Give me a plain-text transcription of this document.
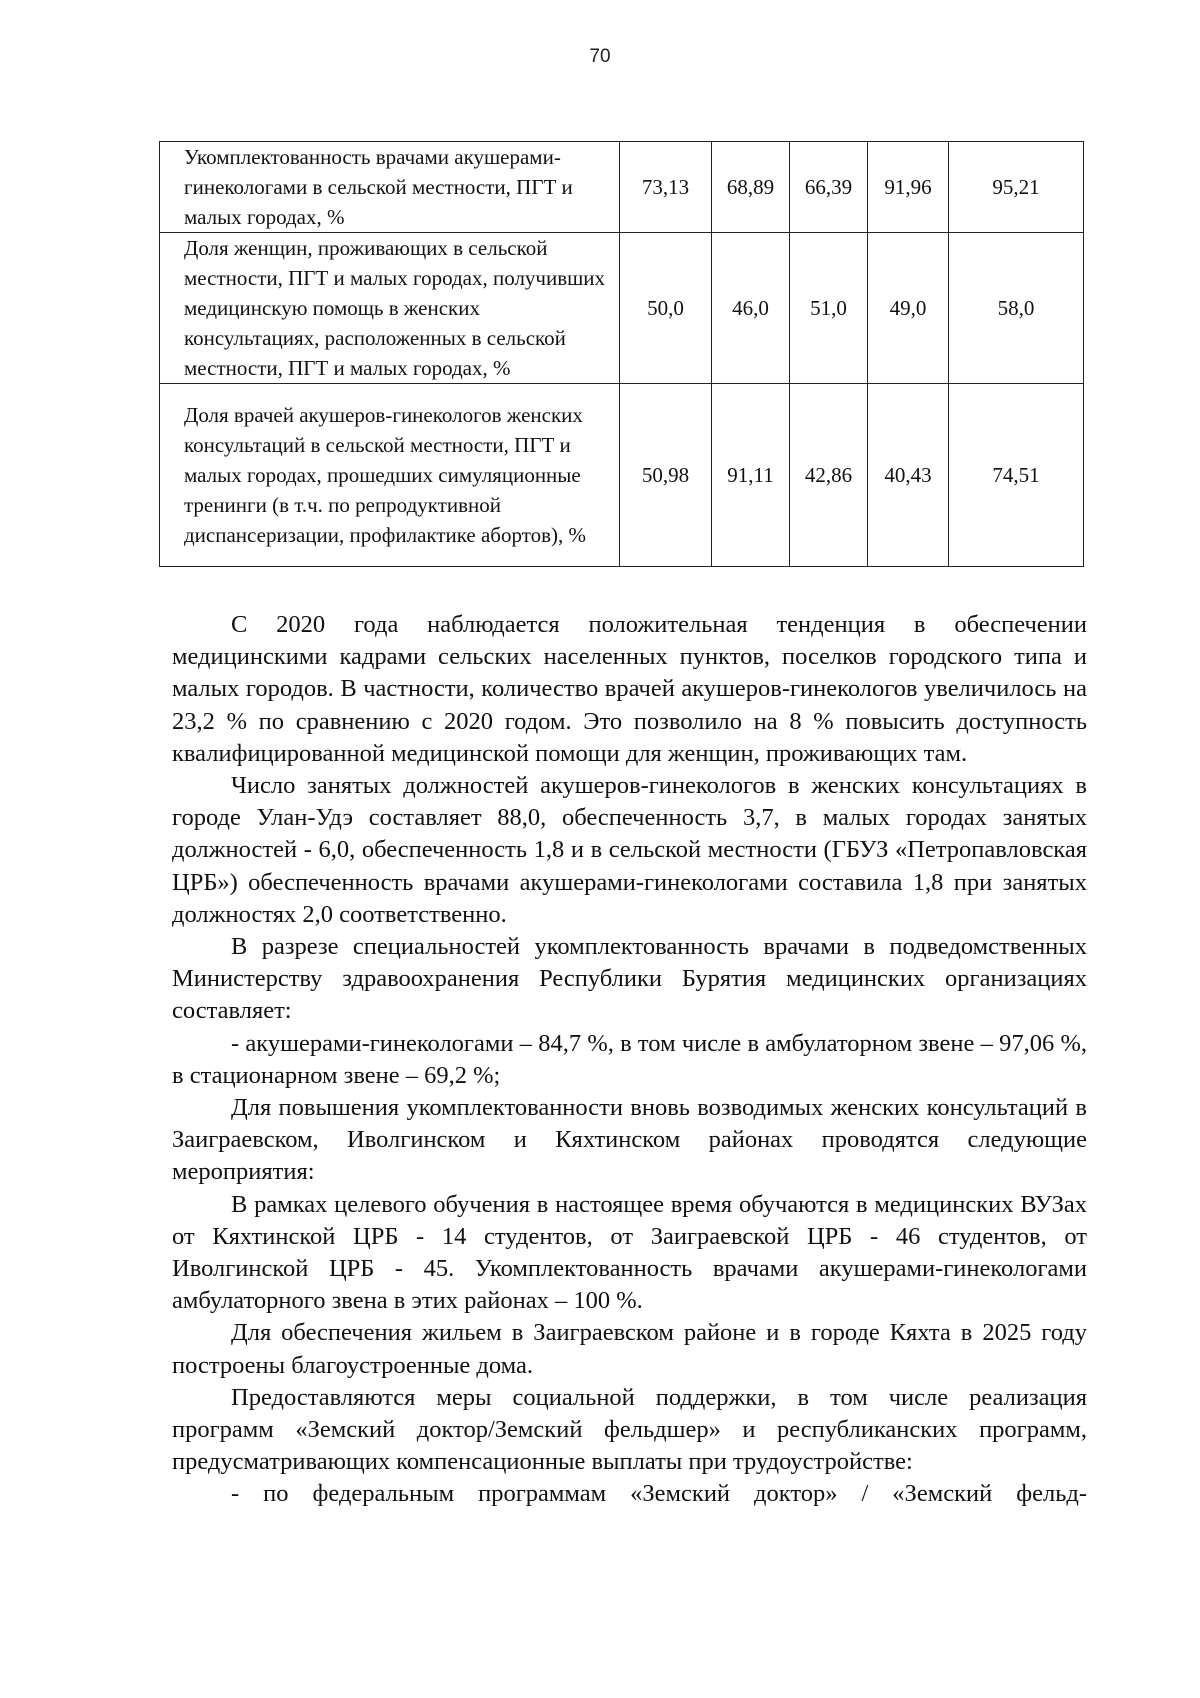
70
Укомплектованность врачами акушерами-гинекологами в сельской местности, ПГТ и малых городах, %	73,13	68,89	66,39	91,96	95,21
Доля женщин, проживающих в сельской местности, ПГТ и малых городах, получивших медицинскую помощь в женских консультациях, расположенных в сельской местности, ПГТ и малых городах, %	50,0	46,0	51,0	49,0	58,0
Доля врачей акушеров-гинекологов женских консультаций в сельской местности, ПГТ и малых городах, прошедших симуляционные тренинги (в т.ч. по репродуктивной диспансеризации, профилактике абортов), %	50,98	91,11	42,86	40,43	74,51

С 2020 года наблюдается положительная тенденция в обеспечении медицинскими кадрами сельских населенных пунктов, поселков городского типа и малых городов. В частности, количество врачей акушеров-гинекологов увеличилось на 23,2 % по сравнению с 2020 годом. Это позволило на 8 % повысить доступность квалифицированной медицинской помощи для женщин, проживающих там.

Число занятых должностей акушеров-гинекологов в женских консультациях в городе Улан-Удэ составляет 88,0, обеспеченность 3,7, в малых городах занятых должностей - 6,0, обеспеченность 1,8 и в сельской местности (ГБУЗ «Петропавловская ЦРБ») обеспеченность врачами акушерами-гинекологами составила 1,8 при занятых должностях 2,0 соответственно.

В разрезе специальностей укомплектованность врачами в подведомственных Министерству здравоохранения Республики Бурятия медицинских организациях составляет:

- акушерами-гинекологами – 84,7 %, в том числе в амбулаторном звене – 97,06 %, в стационарном звене – 69,2 %;

Для повышения укомплектованности вновь возводимых женских консультаций в Заиграевском, Иволгинском и Кяхтинском районах проводятся следующие мероприятия:

В рамках целевого обучения в настоящее время обучаются в медицинских ВУЗах от Кяхтинской ЦРБ - 14 студентов, от Заиграевской ЦРБ - 46 студентов, от Иволгинской ЦРБ - 45. Укомплектованность врачами акушерами-гинекологами амбулаторного звена в этих районах – 100 %.

Для обеспечения жильем в Заиграевском районе и в городе Кяхта в 2025 году построены благоустроенные дома.

Предоставляются меры социальной поддержки, в том числе реализация программ «Земский доктор/Земский фельдшер» и республиканских программ, предусматривающих компенсационные выплаты при трудоустройстве:

- по федеральным программам «Земский доктор» / «Земский фельд-
